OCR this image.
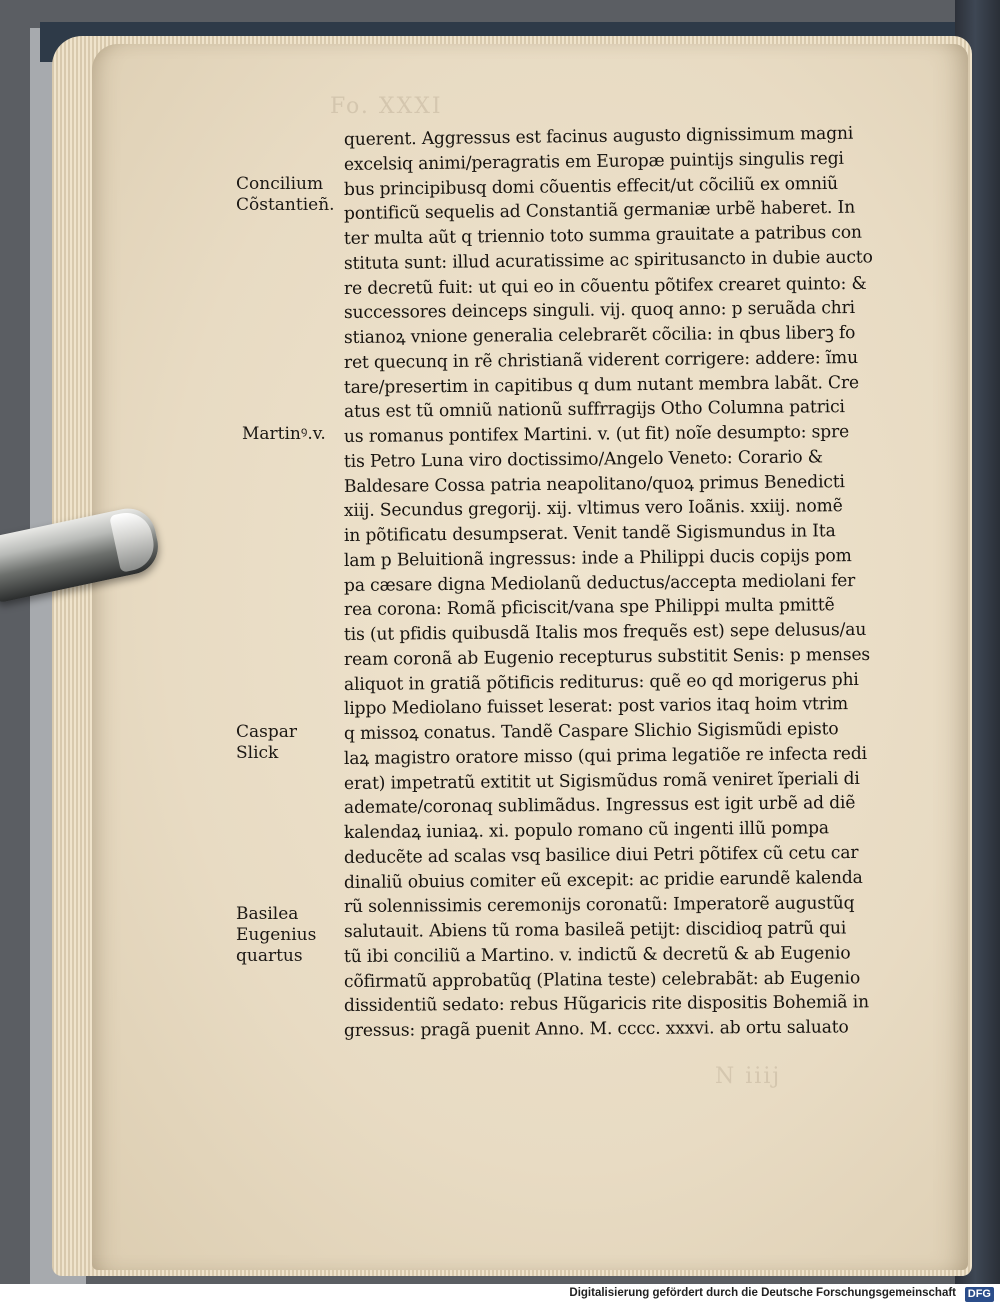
Fo. XXXI
N iiij
Concilium
Cõstantieñ.
Martinꝰ.v.
Caspar
Slick
Basilea
Eugenius
quartus
querent. Aggressus est facinus augusto dignissimum magni
excelsiq animi/peragratis em Europæ puintijs singulis regi
bus principibusq domi cõuentis effecit/ut cõciliũ ex omniũ
pontificũ sequelis ad Constantiã germaniæ urbẽ haberet. In
ter multa aũt q triennio toto summa grauitate a patribus con
stituta sunt: illud acuratissime ac spiritusancto in dubie aucto
re decretũ fuit: ut qui eo in cõuentu põtifex crearet quinto: &
successores deinceps singuli. vij. quoq anno: p seruãda chri
stianoꝝ vnione generalia celebrarẽt cõcilia: in qbus liberꝫ fo
ret quecunq in rẽ christianã viderent corrigere: addere: ĩmu
tare/presertim in capitibus q dum nutant membra labãt. Cre
atus est tũ omniũ nationũ suffrragijs Otho Columna patrici
us romanus pontifex Martini. v. (ut fit) noĩe desumpto: spre
tis Petro Luna viro doctissimo/Angelo Veneto: Corario &
Baldesare Cossa patria neapolitano/quoꝝ primus Benedicti
xiij. Secundus gregorij. xij. vltimus vero Ioãnis. xxiij. nomẽ
in põtificatu desumpserat. Venit tandẽ Sigismundus in Ita
lam p Beluitionã ingressus: inde a Philippi ducis copijs pom
pa cæsare digna Mediolanũ deductus/accepta mediolani fer
rea corona: Romã pficiscit/vana spe Philippi multa pmittẽ
tis (ut pfidis quibusdã Italis mos frequẽs est) sepe delusus/au
ream coronã ab Eugenio recepturus substitit Senis: p menses
aliquot in gratiã põtificis rediturus: quẽ eo qd morigerus phi
lippo Mediolano fuisset leserat: post varios itaq hoim vtrim
q missoꝝ conatus. Tandẽ Caspare Slichio Sigismũdi episto
laꝝ magistro oratore misso (qui prima legatiõe re infecta redi
erat) impetratũ extitit ut Sigismũdus romã veniret ĩperiali di
ademate/coronaq sublimãdus. Ingressus est igit urbẽ ad diẽ
kalendaꝝ iuniaꝝ. xi. populo romano cũ ingenti illũ pompa
deducẽte ad scalas vsq basilice diui Petri põtifex cũ cetu car
dinaliũ obuius comiter eũ excepit: ac pridie earundẽ kalenda
rũ solennissimis ceremonijs coronatũ: Imperatorẽ augustũq
salutauit. Abiens tũ roma basileã petijt: discidioq patrũ qui
tũ ibi conciliũ a Martino. v. indictũ & decretũ & ab Eugenio
cõfirmatũ approbatũq (Platina teste) celebrabãt: ab Eugenio
dissidentiũ sedato: rebus Hũgaricis rite dispositis Bohemiã in
gressus: pragã puenit Anno. M. cccc. xxxvi. ab ortu saluato
Digitalisierung gefördert durch die Deutsche Forschungsgemeinschaft DFG
